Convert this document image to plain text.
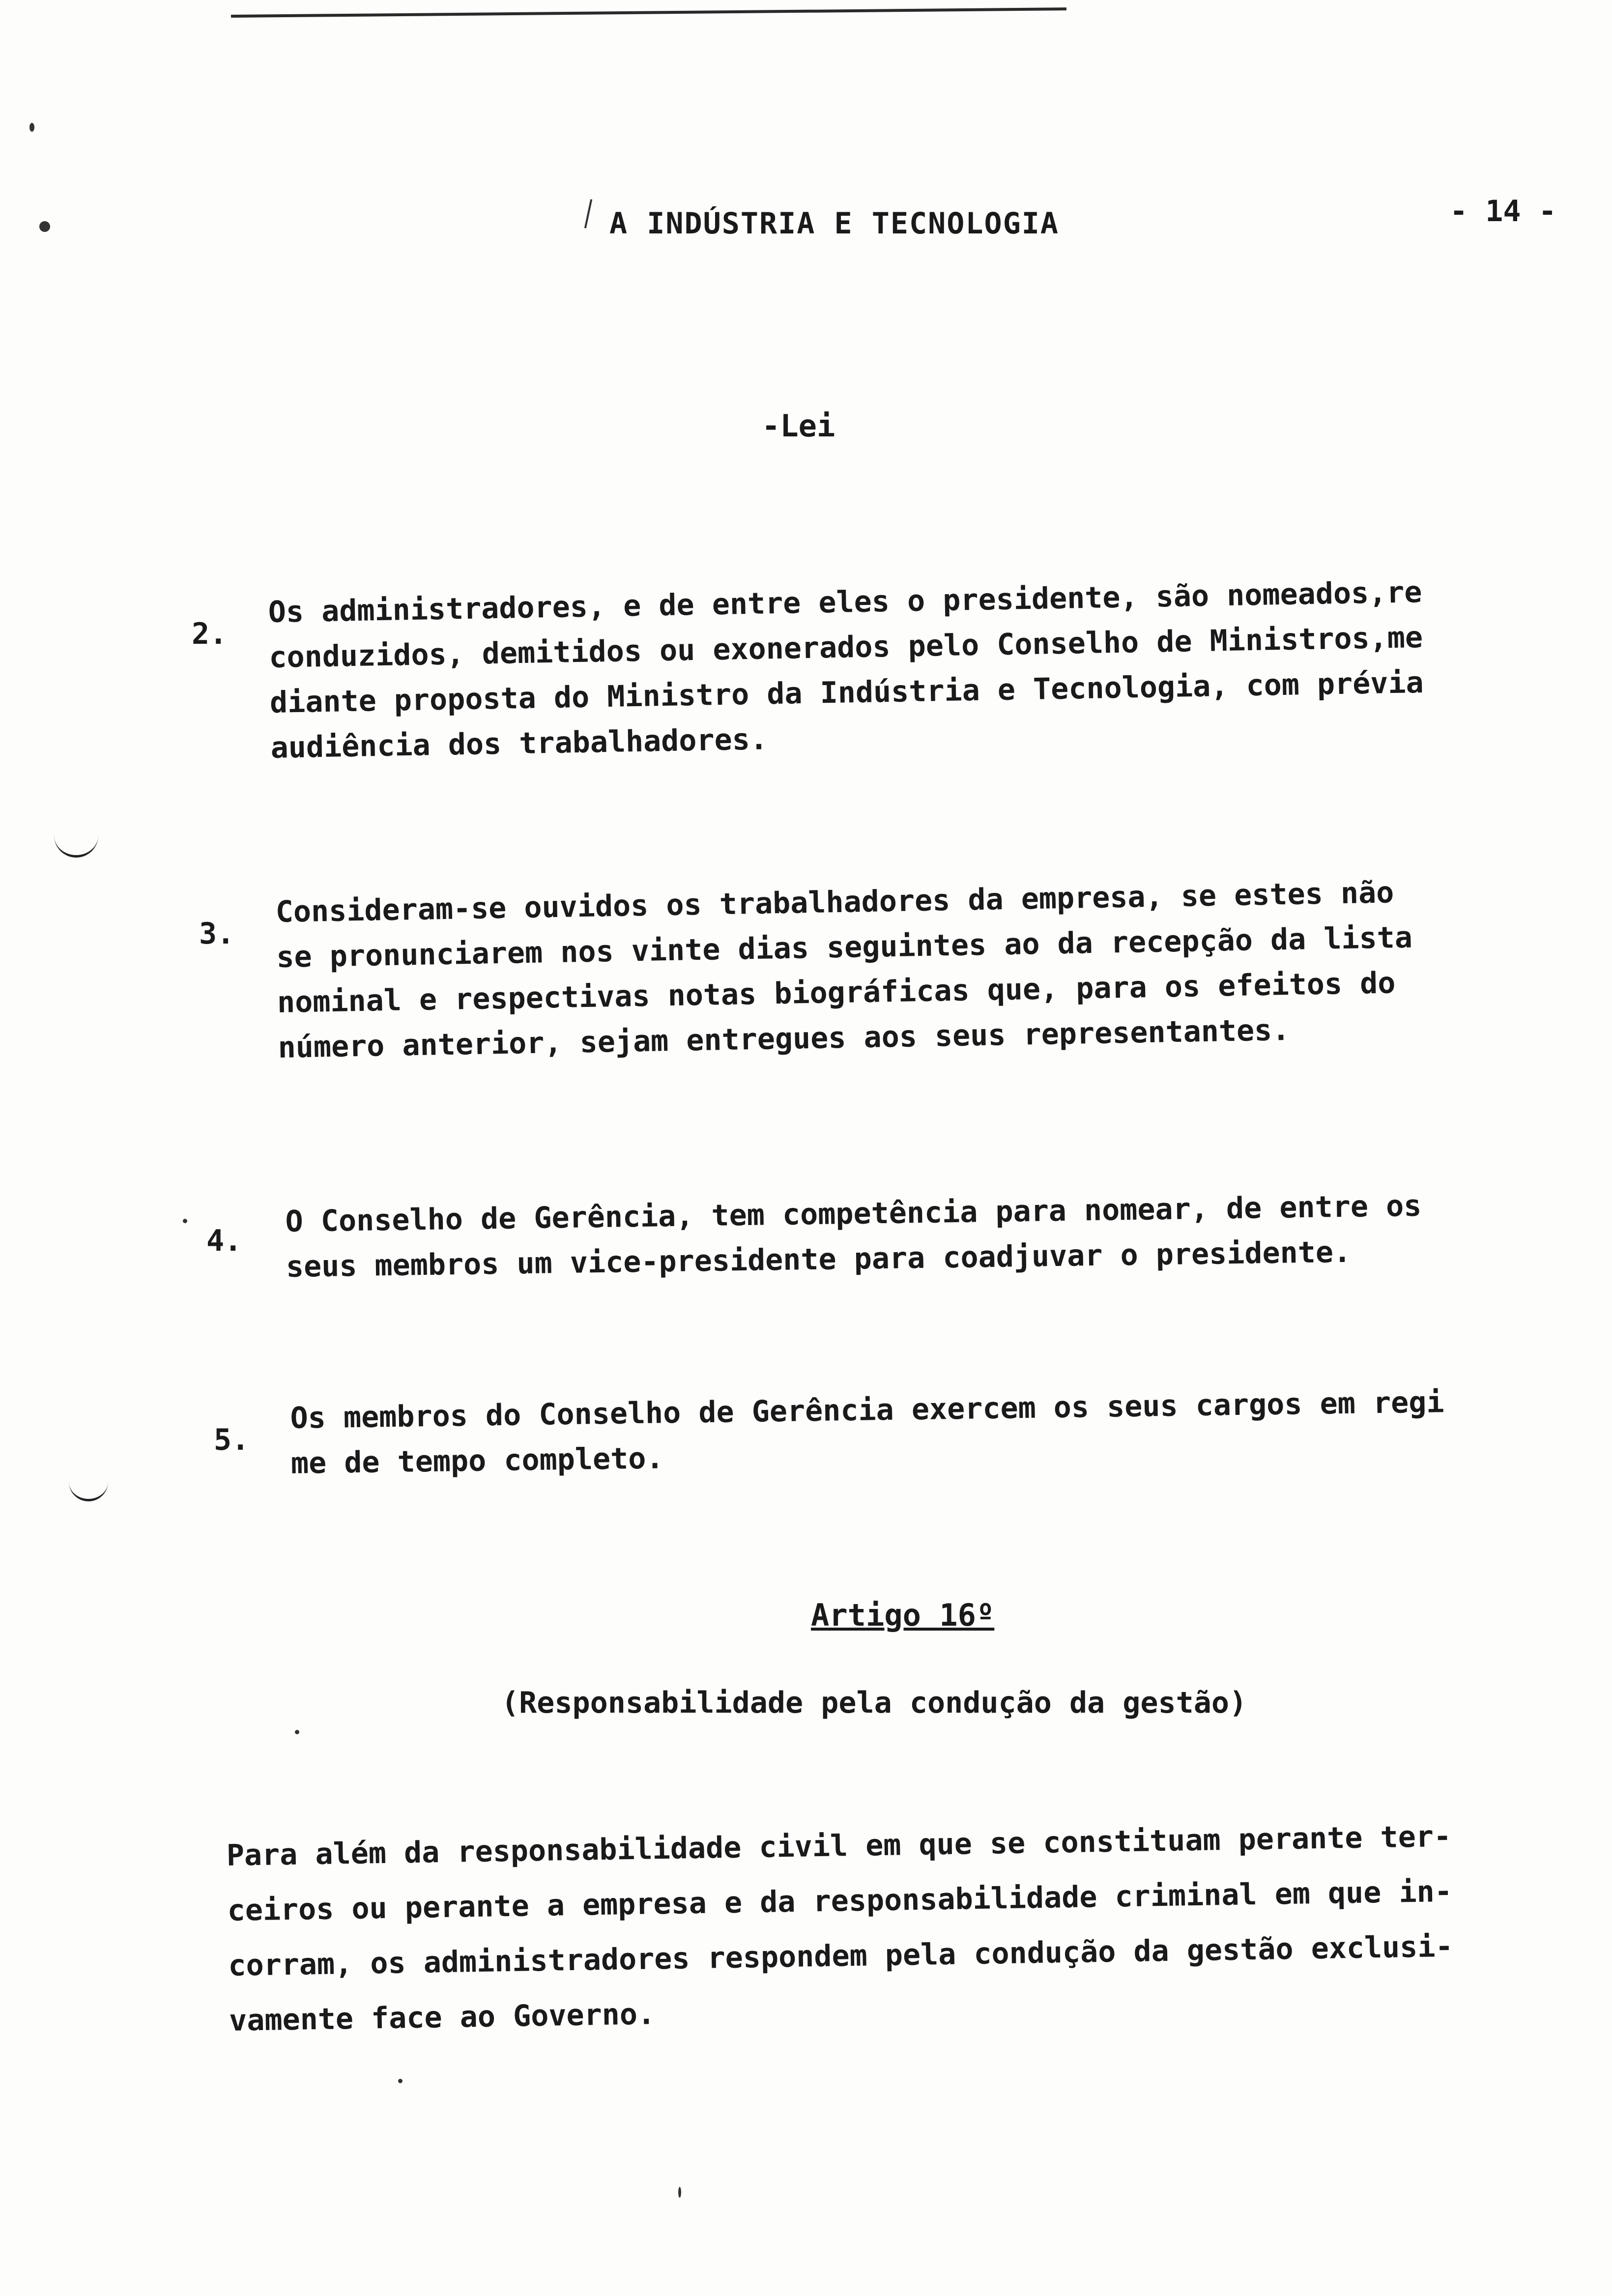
A INDÚSTRIA E TECNOLOGIA	- 14 -
-Lei
2.
Os administradores, e de entre eles o presidente, são nomeados,re
conduzidos, demitidos ou exonerados pelo Conselho de Ministros,me
diante proposta do Ministro da Indústria e Tecnologia, com prévia
audiência dos trabalhadores.
3.
Consideram-se ouvidos os trabalhadores da empresa, se estes não
se pronunciarem nos vinte dias seguintes ao da recepção da lista
nominal e respectivas notas biográficas que, para os efeitos do
número anterior, sejam entregues aos seus representantes.
4.
O Conselho de Gerência, tem competência para nomear, de entre os
seus membros um vice-presidente para coadjuvar o presidente.
5.
Os membros do Conselho de Gerência exercem os seus cargos em regi
me de tempo completo.
Artigo 16º
(Responsabilidade pela condução da gestão)
Para além da responsabilidade civil em que se constituam perante ter-
ceiros ou perante a empresa e da responsabilidade criminal em que in-
corram, os administradores respondem pela condução da gestão exclusi-
vamente face ao Governo.
